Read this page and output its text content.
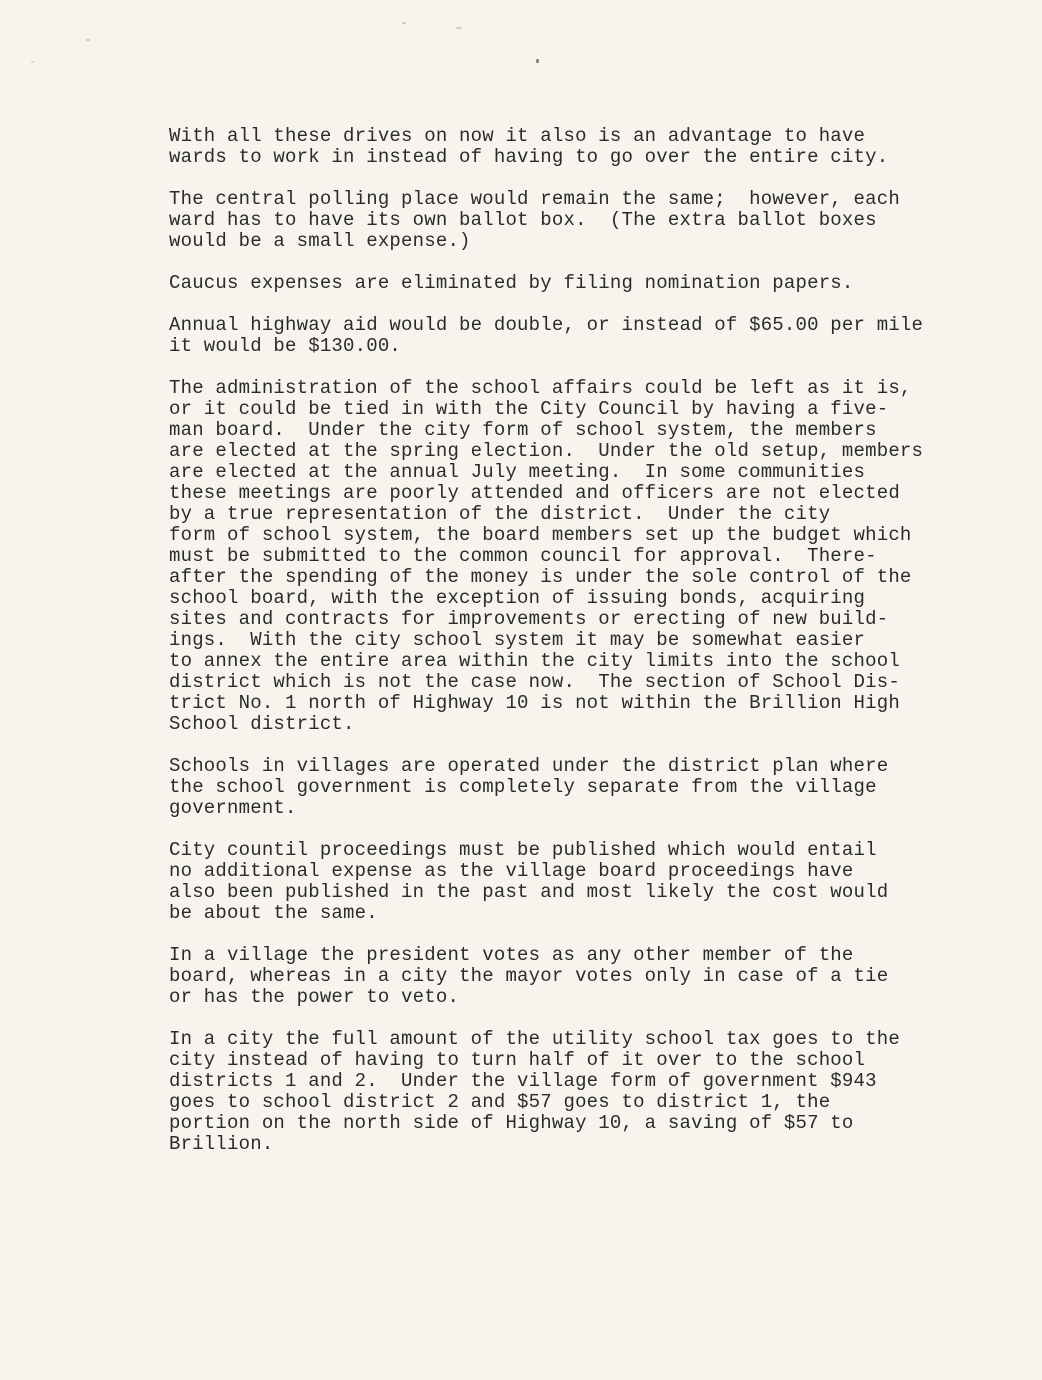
With all these drives on now it also is an advantage to have
wards to work in instead of having to go over the entire city.
The central polling place would remain the same;  however, each
ward has to have its own ballot box.  (The extra ballot boxes
would be a small expense.)
Caucus expenses are eliminated by filing nomination papers.
Annual highway aid would be double, or instead of $65.00 per mile
it would be $130.00.
The administration of the school affairs could be left as it is,
or it could be tied in with the City Council by having a five-
man board.  Under the city form of school system, the members
are elected at the spring election.  Under the old setup, members
are elected at the annual July meeting.  In some communities
these meetings are poorly attended and officers are not elected
by a true representation of the district.  Under the city
form of school system, the board members set up the budget which
must be submitted to the common council for approval.  There-
after the spending of the money is under the sole control of the
school board, with the exception of issuing bonds, acquiring
sites and contracts for improvements or erecting of new build-
ings.  With the city school system it may be somewhat easier
to annex the entire area within the city limits into the school
district which is not the case now.  The section of School Dis-
trict No. 1 north of Highway 10 is not within the Brillion High
School district.
Schools in villages are operated under the district plan where
the school government is completely separate from the village
government.
City countil proceedings must be published which would entail
no additional expense as the village board proceedings have
also been published in the past and most likely the cost would
be about the same.
In a village the president votes as any other member of the
board, whereas in a city the mayor votes only in case of a tie
or has the power to veto.
In a city the full amount of the utility school tax goes to the
city instead of having to turn half of it over to the school
districts 1 and 2.  Under the village form of government $943
goes to school district 2 and $57 goes to district 1, the
portion on the north side of Highway 10, a saving of $57 to
Brillion.
